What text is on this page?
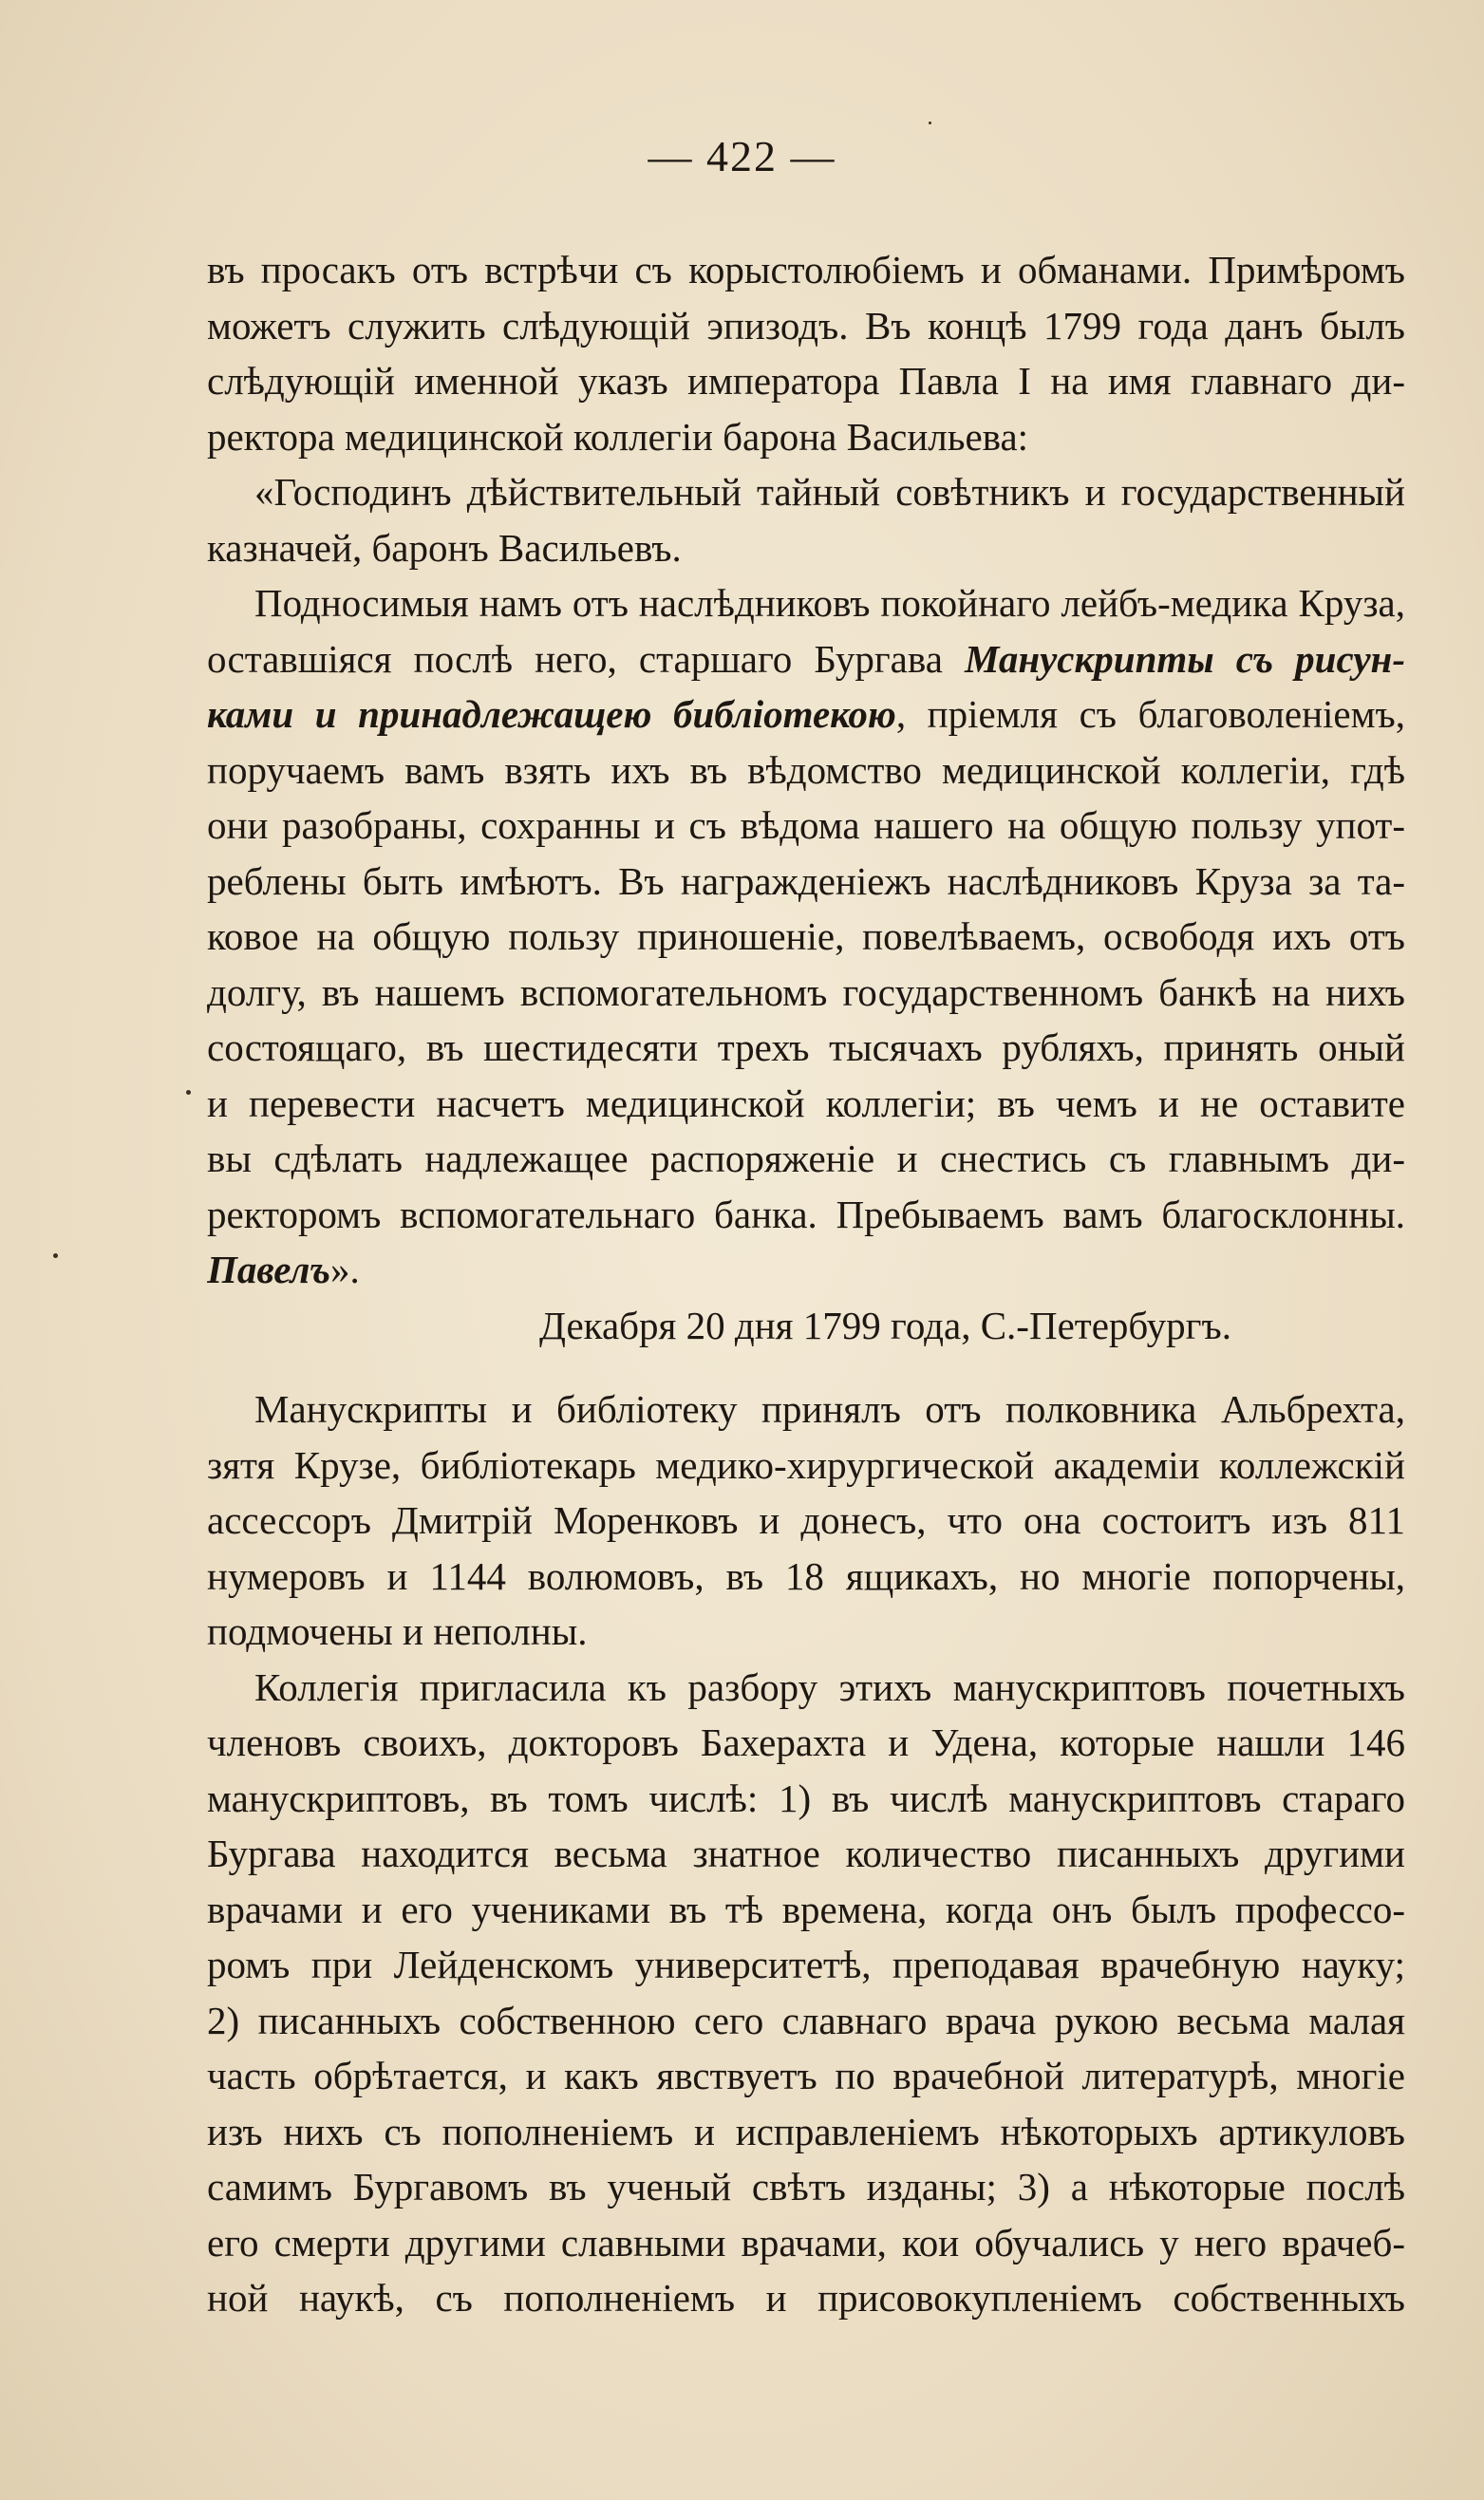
— 422 —
въ просакъ отъ встрѣчи съ корыстолюбіемъ и обманами. Примѣромъ
можетъ служить слѣдующій эпизодъ. Въ концѣ 1799 года данъ былъ
слѣдующій именной указъ императора Павла I на имя главнаго ди-
ректора медицинской коллегіи барона Васильева:
«Господинъ дѣйствительный тайный совѣтникъ и государственный
казначей, баронъ Васильевъ.
Подносимыя намъ отъ наслѣдниковъ покойнаго лейбъ-медика Круза,
оставшіяся послѣ него, старшаго Бургава Манускрипты съ рисун-
ками и принадлежащею библіотекою, пріемля съ благоволеніемъ,
поручаемъ вамъ взять ихъ въ вѣдомство медицинской коллегіи, гдѣ
они разобраны, сохранны и съ вѣдома нашего на общую пользу упот-
реблены быть имѣютъ. Въ награжденіежъ наслѣдниковъ Круза за та-
ковое на общую пользу приношеніе, повелѣваемъ, освободя ихъ отъ
долгу, въ нашемъ вспомогательномъ государственномъ банкѣ на нихъ
состоящаго, въ шестидесяти трехъ тысячахъ рубляхъ, принять оный
и перевести насчетъ медицинской коллегіи; въ чемъ и не оставите
вы сдѣлать надлежащее распоряженіе и снестись съ главнымъ ди-
ректоромъ вспомогательнаго банка. Пребываемъ вамъ благосклонны.
Павелъ».
Декабря 20 дня 1799 года, С.-Петербургъ.
Манускрипты и библіотеку принялъ отъ полковника Альбрехта,
зятя Крузе, библіотекарь медико-хирургической академіи коллежскій
ассессоръ Дмитрій Моренковъ и донесъ, что она состоитъ изъ 811
нумеровъ и 1144 волюмовъ, въ 18 ящикахъ, но многіе попорчены,
подмочены и неполны.
Коллегія пригласила къ разбору этихъ манускриптовъ почетныхъ
членовъ своихъ, докторовъ Бахерахта и Удена, которые нашли 146
манускриптовъ, въ томъ числѣ: 1) въ числѣ манускриптовъ стараго
Бургава находится весьма знатное количество писанныхъ другими
врачами и его учениками въ тѣ времена, когда онъ былъ профессо-
ромъ при Лейденскомъ университетѣ, преподавая врачебную науку;
2) писанныхъ собственною сего славнаго врача рукою весьма малая
часть обрѣтается, и какъ явствуетъ по врачебной литературѣ, многіе
изъ нихъ съ пополненіемъ и исправленіемъ нѣкоторыхъ артикуловъ
самимъ Бургавомъ въ ученый свѣтъ изданы; 3) а нѣкоторые послѣ
его смерти другими славными врачами, кои обучались у него врачеб-
ной наукѣ, съ пополненіемъ и присовокупленіемъ собственныхъ
